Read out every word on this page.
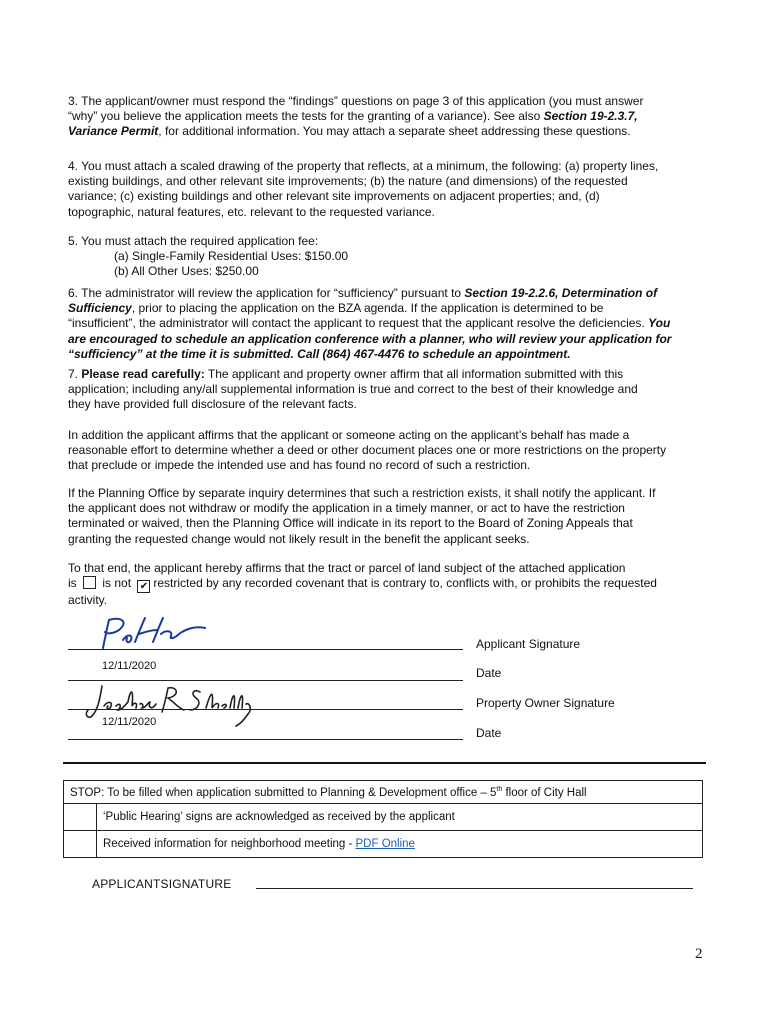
3. The applicant/owner must respond the “findings” questions on page 3 of this application (you must answer
“why” you believe the application meets the tests for the granting of a variance). See also Section 19-2.3.7,
Variance Permit, for additional information. You may attach a separate sheet addressing these questions.
4. You must attach a scaled drawing of the property that reflects, at a minimum, the following: (a) property lines,
existing buildings, and other relevant site improvements; (b) the nature (and dimensions) of the requested
variance; (c) existing buildings and other relevant site improvements on adjacent properties; and, (d)
topographic, natural features, etc. relevant to the requested variance.
5. You must attach the required application fee:
(a) Single-Family Residential Uses: $150.00
(b) All Other Uses: $250.00
6. The administrator will review the application for “sufficiency” pursuant to Section 19-2.2.6, Determination of
Sufficiency, prior to placing the application on the BZA agenda. If the application is determined to be
“insufficient”, the administrator will contact the applicant to request that the applicant resolve the deficiencies. You
are encouraged to schedule an application conference with a planner, who will review your application for
“sufficiency” at the time it is submitted. Call (864) 467-4476 to schedule an appointment.
7. Please read carefully: The applicant and property owner affirm that all information submitted with this
application; including any/all supplemental information is true and correct to the best of their knowledge and
they have provided full disclosure of the relevant facts.
In addition the applicant affirms that the applicant or someone acting on the applicant’s behalf has made a
reasonable effort to determine whether a deed or other document places one or more restrictions on the property
that preclude or impede the intended use and has found no record of such a restriction.
If the Planning Office by separate inquiry determines that such a restriction exists, it shall notify the applicant. If
the applicant does not withdraw or modify the application in a timely manner, or act to have the restriction
terminated or waived, then the Planning Office will indicate in its report to the Board of Zoning Appeals that
granting the requested change would not likely result in the benefit the applicant seeks.
To that end, the applicant hereby affirms that the tract or parcel of land subject of the attached application
is is not ✔ restricted by any recorded covenant that is contrary to, conflicts with, or prohibits the requested
activity.
Applicant Signature
12/11/2020	Date
Property Owner Signature
12/11/2020
Date
STOP: To be filled when application submitted to Planning & Development office – 5th floor of City Hall	
	‘Public Hearing’ signs are acknowledged as received by the applicant
	Received information for neighborhood meeting - PDF Online
APPLICANTSIGNATURE
2
